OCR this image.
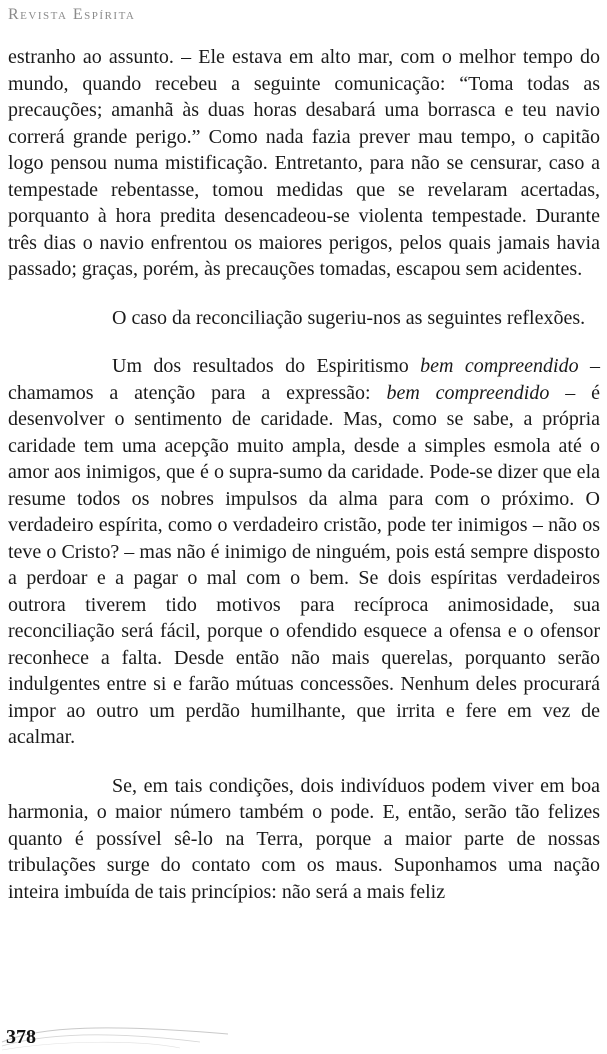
Revista Espírita

estranho ao assunto. – Ele estava em alto mar, com o melhor tempo do mundo, quando recebeu a seguinte comunicação: “Toma todas as precauções; amanhã às duas horas desabará uma borrasca e teu navio correrá grande perigo.” Como nada fazia prever mau tempo, o capitão logo pensou numa mistificação. Entretanto, para não se censurar, caso a tempestade rebentasse, tomou medidas que se revelaram acertadas, porquanto à hora predita desencadeou-se violenta tempestade. Durante três dias o navio enfrentou os maiores perigos, pelos quais jamais havia passado; graças, porém, às precauções tomadas, escapou sem acidentes.

O caso da reconciliação sugeriu-nos as seguintes reflexões.

Um dos resultados do Espiritismo bem compreendido – chamamos a atenção para a expressão: bem compreendido – é desenvolver o sentimento de caridade. Mas, como se sabe, a própria caridade tem uma acepção muito ampla, desde a simples esmola até o amor aos inimigos, que é o supra-sumo da caridade. Pode-se dizer que ela resume todos os nobres impulsos da alma para com o próximo. O verdadeiro espírita, como o verdadeiro cristão, pode ter inimigos – não os teve o Cristo? – mas não é inimigo de ninguém, pois está sempre disposto a perdoar e a pagar o mal com o bem. Se dois espíritas verdadeiros outrora tiverem tido motivos para recíproca animosidade, sua reconciliação será fácil, porque o ofendido esquece a ofensa e o ofensor reconhece a falta. Desde então não mais querelas, porquanto serão indulgentes entre si e farão mútuas concessões. Nenhum deles procurará impor ao outro um perdão humilhante, que irrita e fere em vez de acalmar.

Se, em tais condições, dois indivíduos podem viver em boa harmonia, o maior número também o pode. E, então, serão tão felizes quanto é possível sê-lo na Terra, porque a maior parte de nossas tribulações surge do contato com os maus. Suponhamos uma nação inteira imbuída de tais princípios: não será a mais feliz

378
